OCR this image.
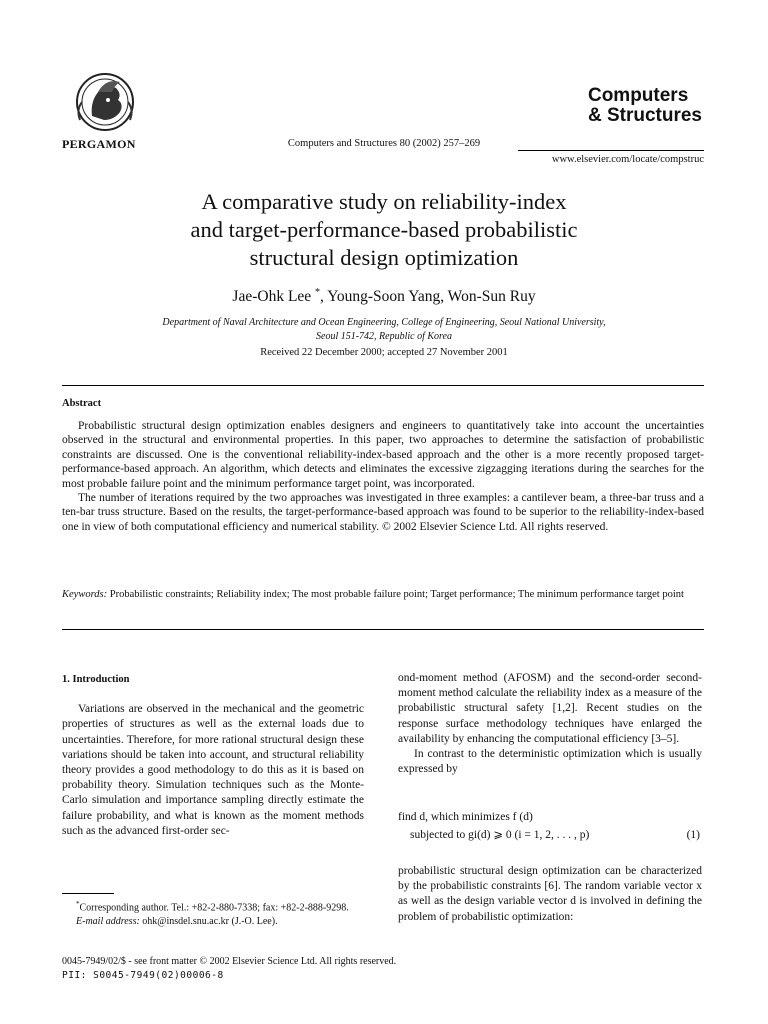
PERGAMON	Computers and Structures 80 (2002) 257–269
Computers
& Structures
www.elsevier.com/locate/compstruc
A comparative study on reliability-index
and target-performance-based probabilistic
structural design optimization
Jae-Ohk Lee *, Young-Soon Yang, Won-Sun Ruy
Department of Naval Architecture and Ocean Engineering, College of Engineering, Seoul National University,
Seoul 151-742, Republic of Korea
Received 22 December 2000; accepted 27 November 2001
Abstract

Probabilistic structural design optimization enables designers and engineers to quantitatively take into account the uncertainties observed in the structural and environmental properties. In this paper, two approaches to determine the satisfaction of probabilistic constraints are discussed. One is the conventional reliability-index-based approach and the other is a more recently proposed target-performance-based approach. An algorithm, which detects and eliminates the excessive zigzagging iterations during the searches for the most probable failure point and the minimum performance target point, was incorporated.

The number of iterations required by the two approaches was investigated in three examples: a cantilever beam, a three-bar truss and a ten-bar truss structure. Based on the results, the target-performance-based approach was found to be superior to the reliability-index-based one in view of both computational efficiency and numerical stability. © 2002 Elsevier Science Ltd. All rights reserved.

Keywords: Probabilistic constraints; Reliability index; The most probable failure point; Target performance; The minimum performance target point

1. Introduction

Variations are observed in the mechanical and the geometric properties of structures as well as the external loads due to uncertainties. Therefore, for more rational structural design these variations should be taken into account, and structural reliability theory provides a good methodology to do this as it is based on probability theory. Simulation techniques such as the Monte-Carlo simulation and importance sampling directly estimate the failure probability, and what is known as the moment methods such as the advanced first-order sec-

ond-moment method (AFOSM) and the second-order second-moment method calculate the reliability index as a measure of the probabilistic structural safety [1,2]. Recent studies on the response surface methodology techniques have enlarged the availability by enhancing the computational efficiency [3–5].

In contrast to the deterministic optimization which is usually expressed by

find d, which minimizes f (d)
subjected to gi(d) ⩾ 0 (i = 1, 2, . . . , p)	(1)

probabilistic structural design optimization can be characterized by the probabilistic constraints [6]. The random variable vector x as well as the design variable vector d is involved in defining the problem of probabilistic optimization:

*Corresponding author. Tel.: +82-2-880-7338; fax: +82-2-888-9298.
E-mail address: ohk@insdel.snu.ac.kr (J.-O. Lee).
0045-7949/02/$ - see front matter © 2002 Elsevier Science Ltd. All rights reserved.
PII: S0045-7949(02)00006-8
